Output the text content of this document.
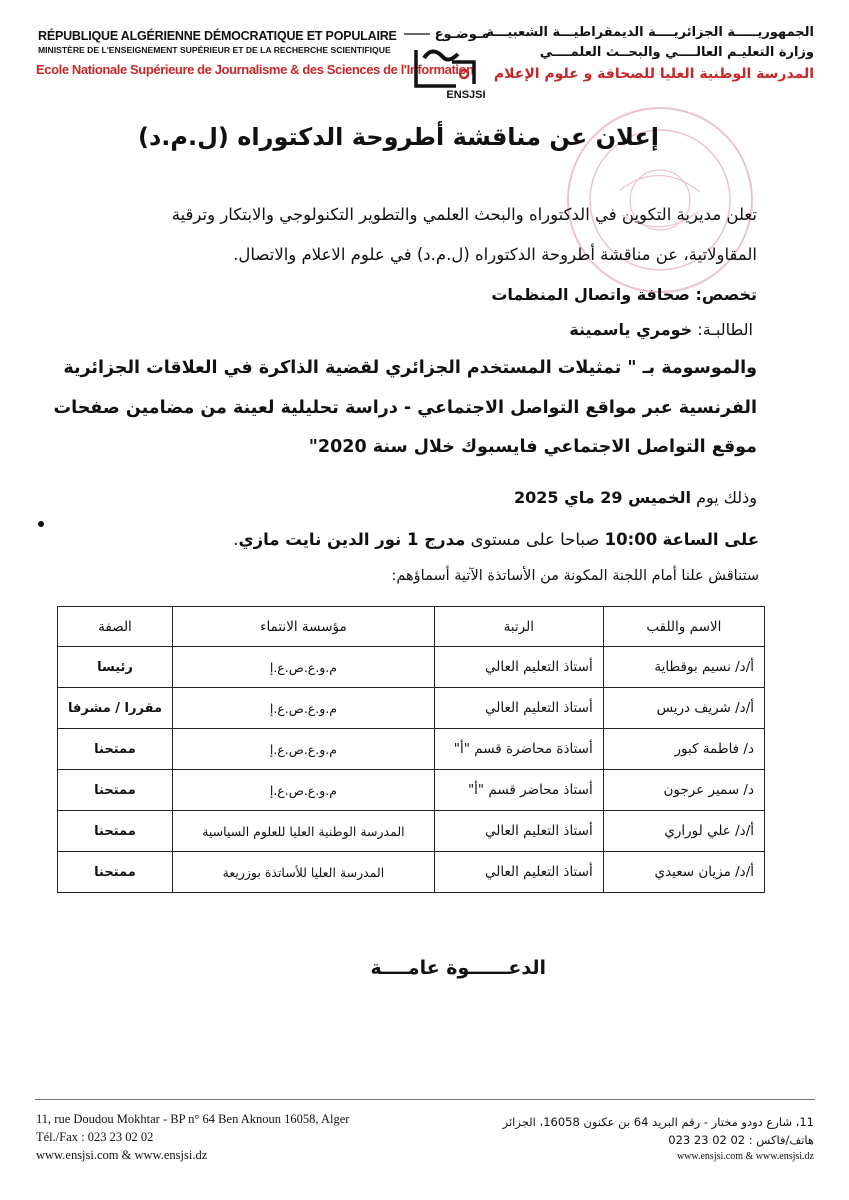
RÉPUBLIQUE ALGÉRIENNE DÉMOCRATIQUE ET POPULAIRE
MINISTÈRE DE L'ENSEIGNEMENT SUPÉRIEUR ET DE LA RECHERCHE SCIENTIFIQUE
Ecole Nationale Supérieure de Journalisme & des Sciences de l'Information
الجمهوريـــــة الجزائريــــة الديمقراطيـــة الشعبيـــة
وزارة التعليـم العالــــي والبحــث العلمــــي
المدرسة الوطنية العليا للصحافة و علوم الإعلام
مـوضـوع
ENSJSI
إعلان عن مناقشة أطروحة الدكتوراه (ل.م.د)
تعلن مديرية التكوين في الدكتوراه والبحث العلمي والتطوير التكنولوجي والابتكار وترقية
المقاولاتية، عن مناقشة أطروحة الدكتوراه (ل.م.د) في علوم الاعلام والاتصال.
تخصص: صحافة واتصال المنظمات
الطالبـة: خومري ياسمينة
والموسومة بـ " تمثيلات المستخدم الجزائري لقضية الذاكرة في العلاقات الجزائرية
الفرنسية عبر مواقع التواصل الاجتماعي - دراسة تحليلية لعينة من مضامين صفحات
موقع التواصل الاجتماعي فايسبوك خلال سنة 2020"
وذلك يوم الخميس 29 ماي 2025
على الساعة 10:00 صباحا على مستوى مدرج 1 نور الدين نايت مازي.
ستناقش علنا أمام اللجنة المكونة من الأساتذة الآتية أسماؤهم:
الاسم واللقب	الرتبة	مؤسسة الانتماء	الصفة
أ/د/ نسيم بوقطاية	أستاذ التعليم العالي	م.و.ع.ص.ع.إ	رئيسا
أ/د/ شريف دريس	أستاذ التعليم العالي	م.و.ع.ص.ع.إ	مقررا / مشرفا
د/ فاطمة كبور	أستاذة محاضرة قسم "أ"	م.و.ع.ص.ع.إ	ممتحنا
د/ سمير عرجون	أستاذ محاضر قسم "أ"	م.و.ع.ص.ع.إ	ممتحنا
أ/د/ علي لوراري	أستاذ التعليم العالي	المدرسة الوطنية العليا للعلوم السياسية	ممتحنا
أ/د/ مزيان سعيدي	أستاذ التعليم العالي	المدرسة العليا للأساتذة بوزريعة	ممتحنا
الدعــــــوة عامــــة
11, rue Doudou Mokhtar - BP n° 64 Ben Aknoun 16058, Alger
Tél./Fax : 023 23 02 02
www.ensjsi.com & www.ensjsi.dz
11، شارع دودو مختار - رقم البريد 64 بن عكنون 16058، الجزائر
هاتف/فاكس : 02 02 23 023
www.ensjsi.com & www.ensjsi.dz
